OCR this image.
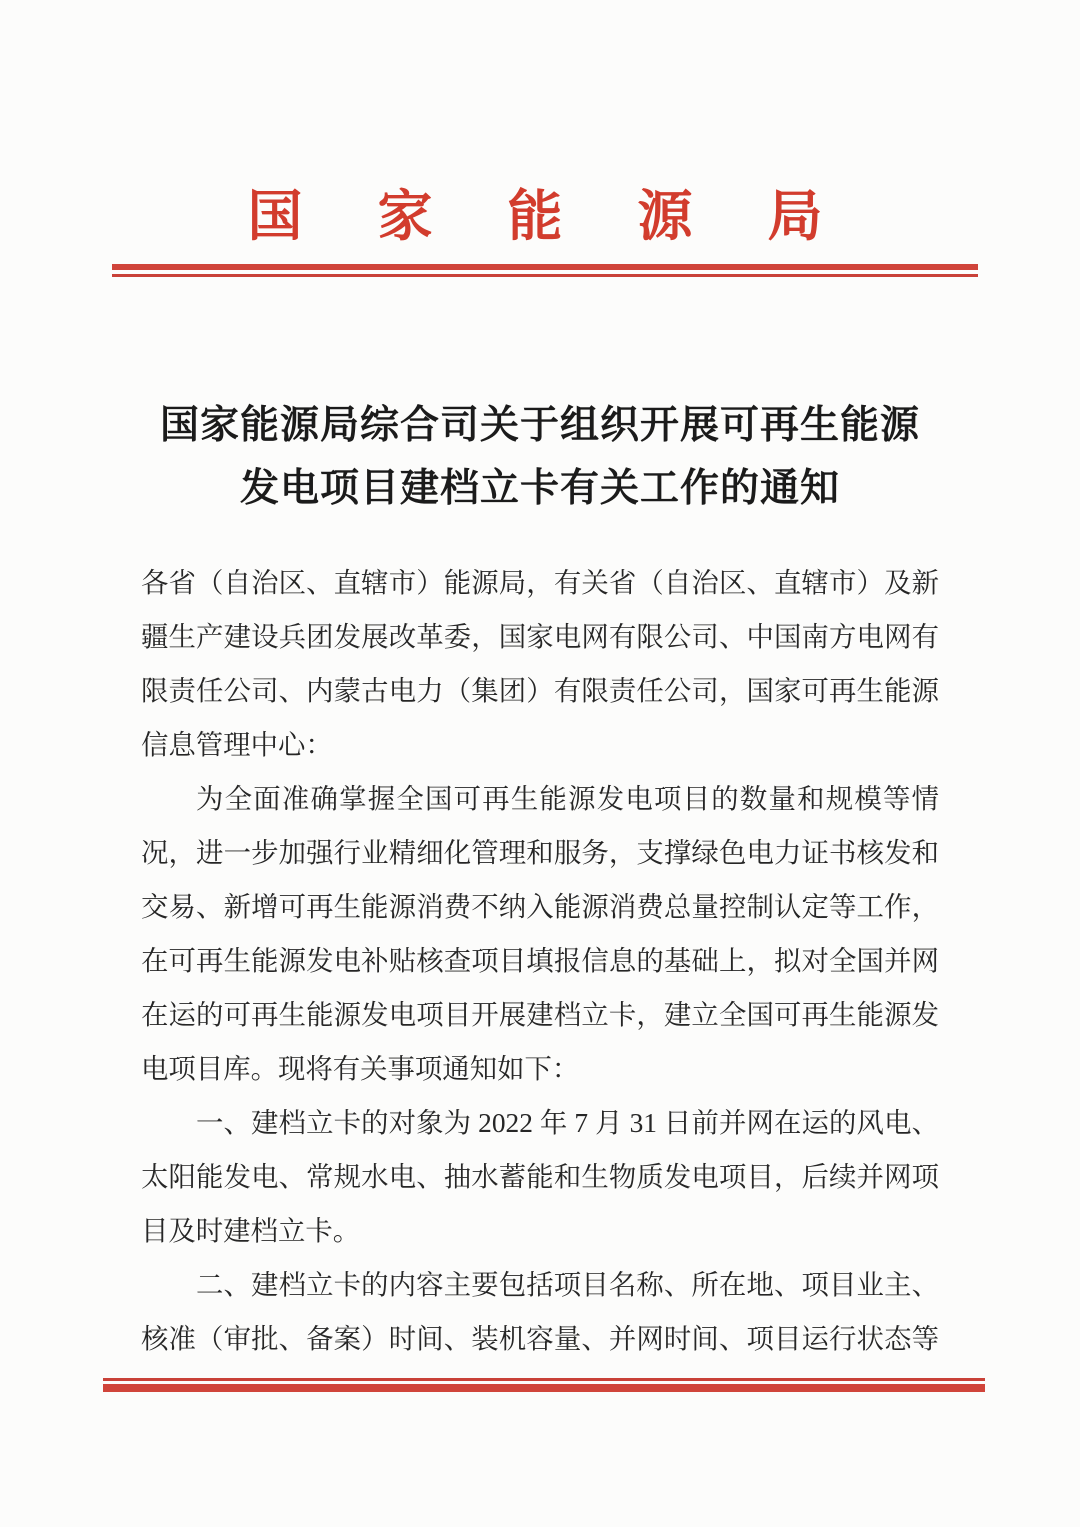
国　家　能　源　局
国家能源局综合司关于组织开展可再生能源
发电项目建档立卡有关工作的通知
各省（自治区、直辖市）能源局，有关省（自治区、直辖市）及新
疆生产建设兵团发展改革委，国家电网有限公司、中国南方电网有
限责任公司、内蒙古电力（集团）有限责任公司，国家可再生能源
信息管理中心：
为全面准确掌握全国可再生能源发电项目的数量和规模等情
况，进一步加强行业精细化管理和服务，支撑绿色电力证书核发和
交易、新增可再生能源消费不纳入能源消费总量控制认定等工作，
在可再生能源发电补贴核查项目填报信息的基础上，拟对全国并网
在运的可再生能源发电项目开展建档立卡，建立全国可再生能源发
电项目库。现将有关事项通知如下：
一、建档立卡的对象为 2022 年 7 月 31 日前并网在运的风电、
太阳能发电、常规水电、抽水蓄能和生物质发电项目，后续并网项
目及时建档立卡。
二、建档立卡的内容主要包括项目名称、所在地、项目业主、
核准（审批、备案）时间、装机容量、并网时间、项目运行状态等
